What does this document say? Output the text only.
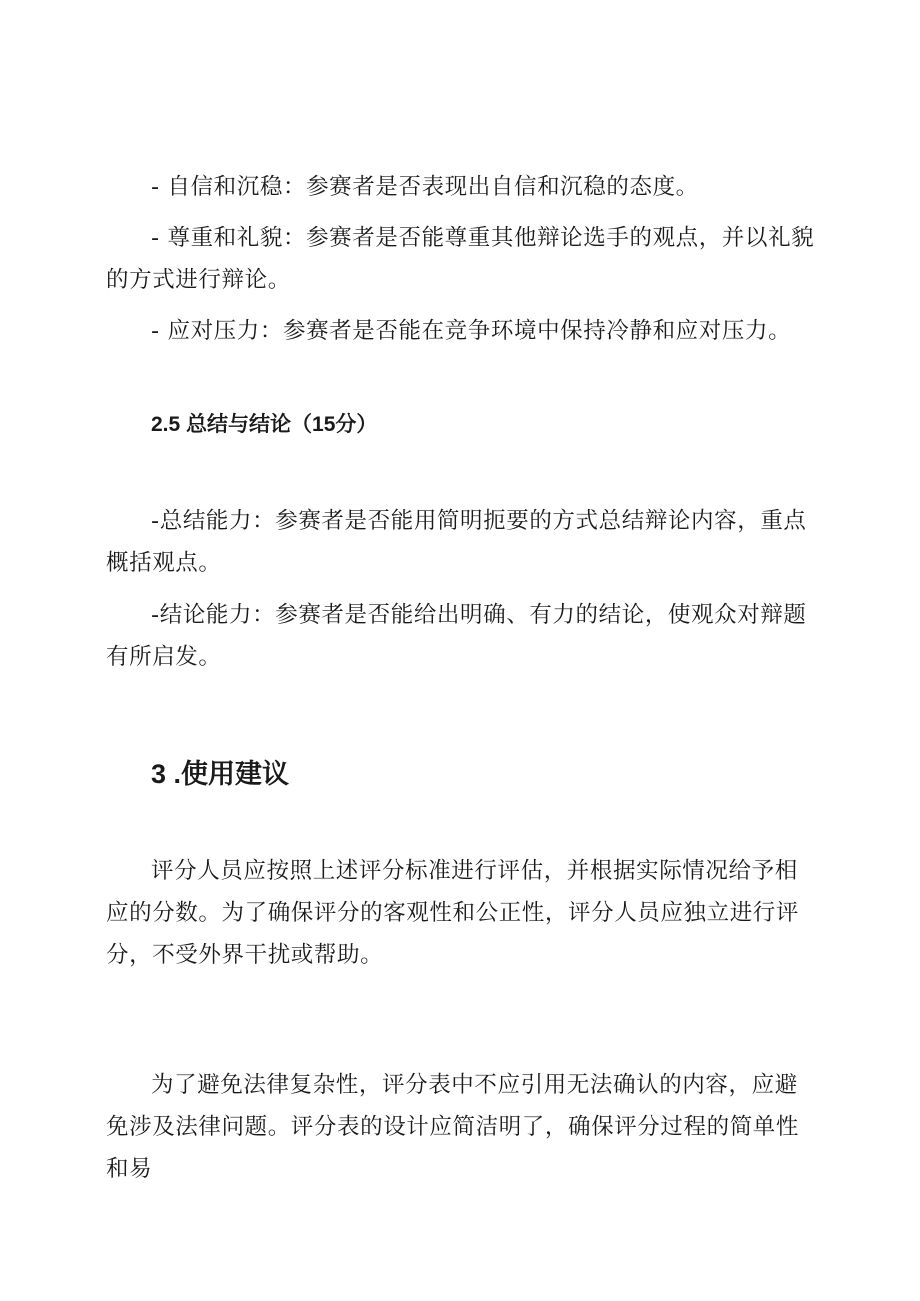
- 自信和沉稳：参赛者是否表现出自信和沉稳的态度。

- 尊重和礼貌：参赛者是否能尊重其他辩论选手的观点，并以礼貌的方式进行辩论。

- 应对压力：参赛者是否能在竞争环境中保持冷静和应对压力。

2.5 总结与结论（15分）

-总结能力：参赛者是否能用简明扼要的方式总结辩论内容，重点概括观点。

-结论能力：参赛者是否能给出明确、有力的结论，使观众对辩题有所启发。

3 .使用建议

评分人员应按照上述评分标准进行评估，并根据实际情况给予相应的分数。为了确保评分的客观性和公正性，评分人员应独立进行评分，不受外界干扰或帮助。

为了避免法律复杂性，评分表中不应引用无法确认的内容，应避免涉及法律问题。评分表的设计应简洁明了，确保评分过程的简单性和易
